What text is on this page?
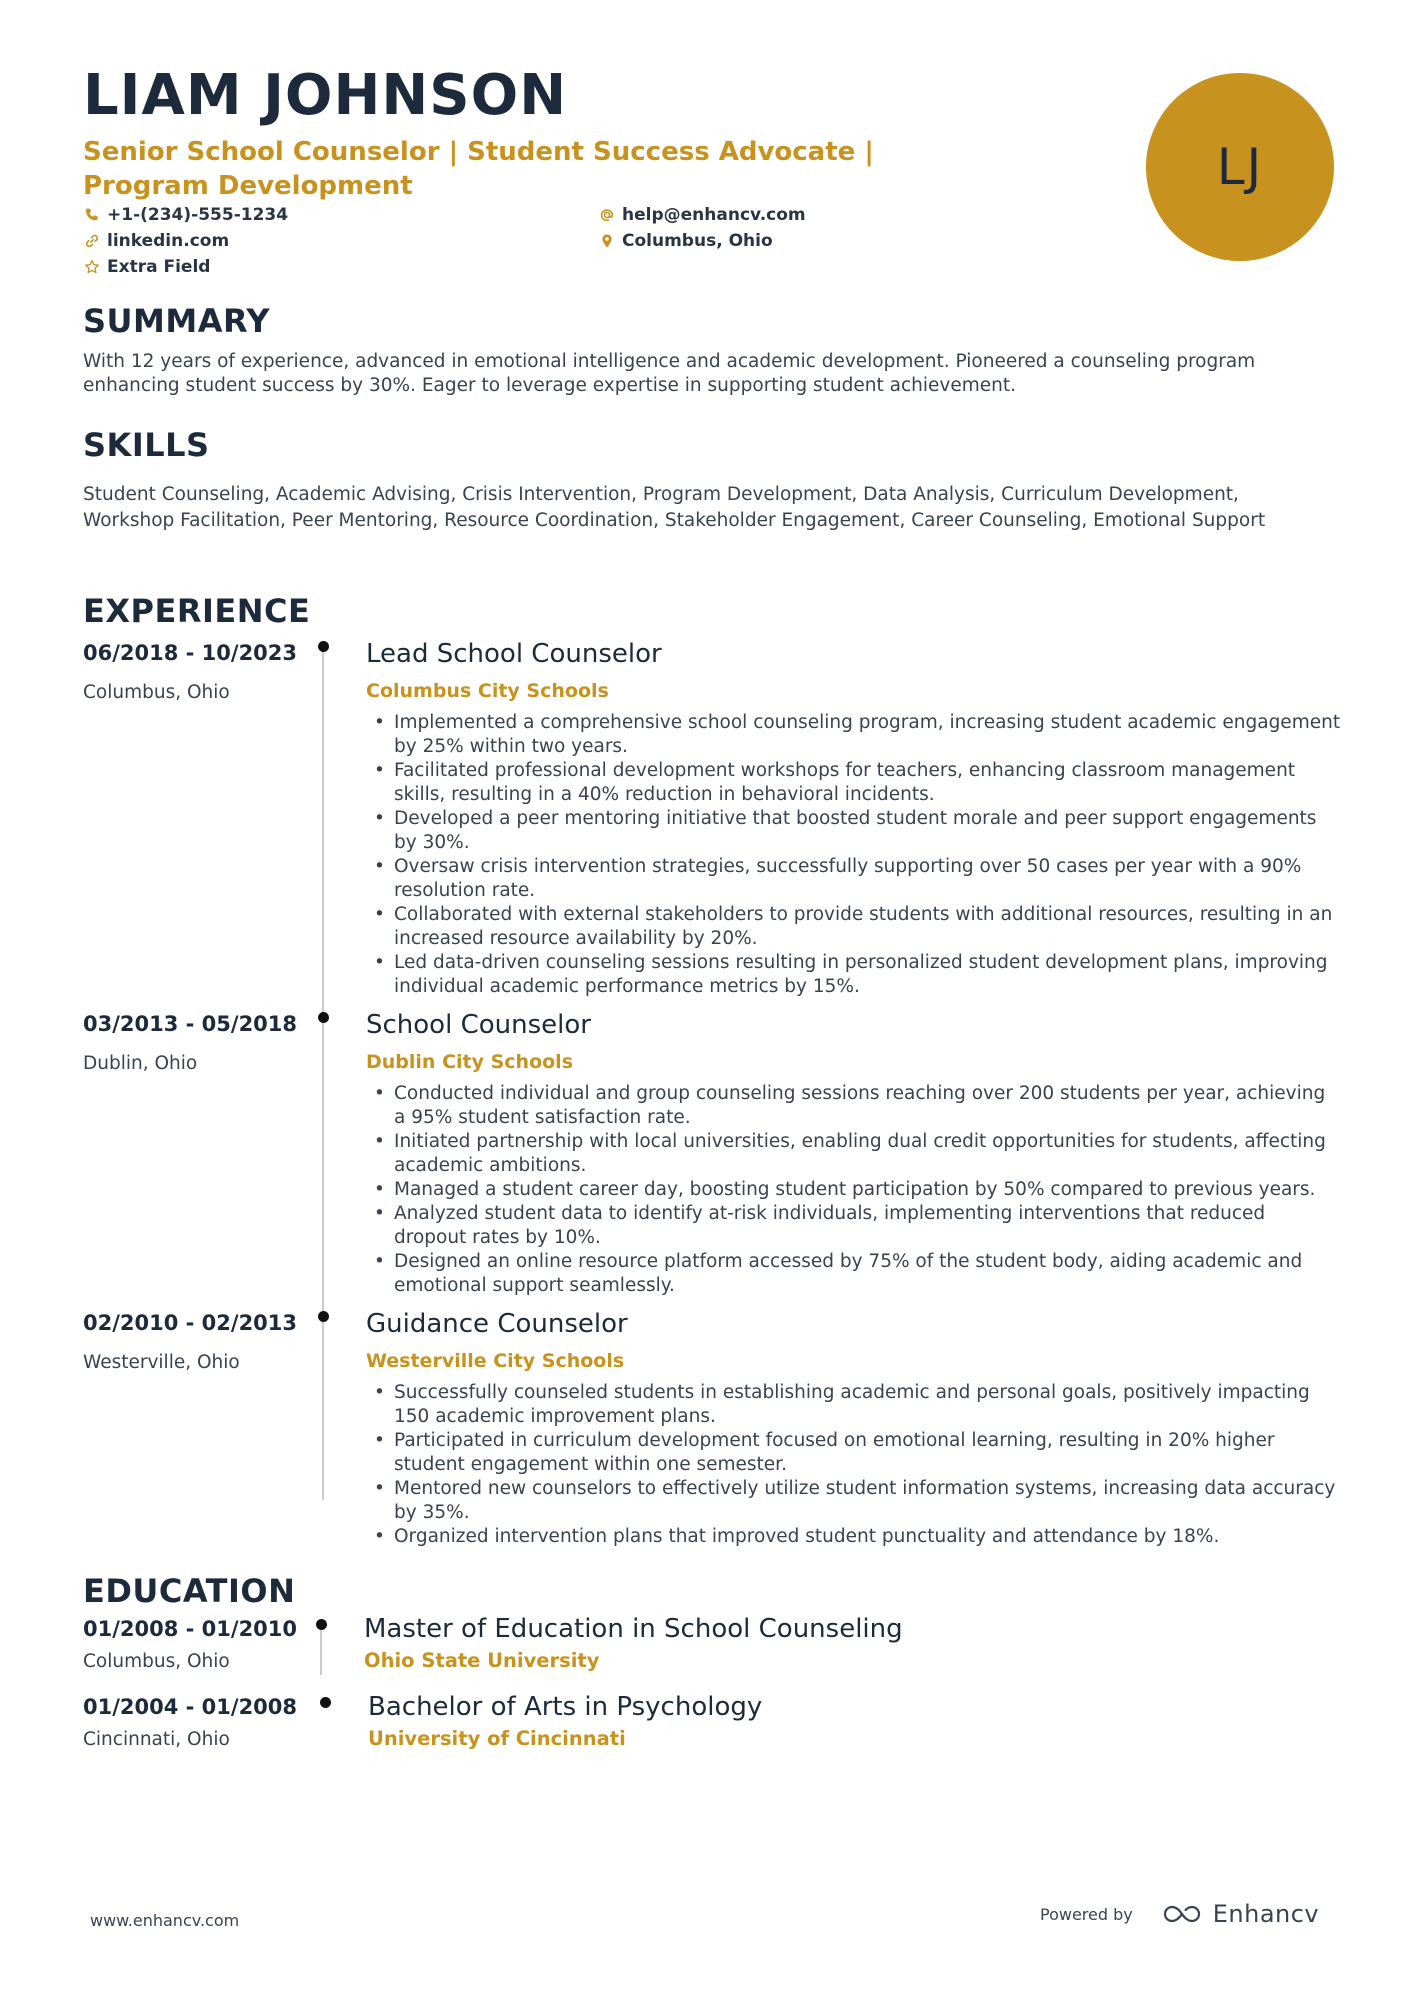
LIAM JOHNSON
Senior School Counselor | Student Success Advocate | Program Development	LJ
+1-(234)-555-1234	help@enhancv.com
linkedin.com	Columbus, Ohio
Extra Field
SUMMARY
With 12 years of experience, advanced in emotional intelligence and academic development. Pioneered a counseling program enhancing student success by 30%. Eager to leverage expertise in supporting student achievement.
SKILLS
Student Counseling, Academic Advising, Crisis Intervention, Program Development, Data Analysis, Curriculum Development, Workshop Facilitation, Peer Mentoring, Resource Coordination, Stakeholder Engagement, Career Counseling, Emotional Support
EXPERIENCE
06/2018 - 10/2023
Columbus, Ohio
Lead School Counselor
Columbus City Schools
• Implemented a comprehensive school counseling program, increasing student academic engagement by 25% within two years.
• Facilitated professional development workshops for teachers, enhancing classroom management skills, resulting in a 40% reduction in behavioral incidents.
• Developed a peer mentoring initiative that boosted student morale and peer support engagements by 30%.
• Oversaw crisis intervention strategies, successfully supporting over 50 cases per year with a 90% resolution rate.
• Collaborated with external stakeholders to provide students with additional resources, resulting in an increased resource availability by 20%.
• Led data-driven counseling sessions resulting in personalized student development plans, improving individual academic performance metrics by 15%.
03/2013 - 05/2018
Dublin, Ohio
School Counselor
Dublin City Schools
• Conducted individual and group counseling sessions reaching over 200 students per year, achieving a 95% student satisfaction rate.
• Initiated partnership with local universities, enabling dual credit opportunities for students, affecting academic ambitions.
• Managed a student career day, boosting student participation by 50% compared to previous years.
• Analyzed student data to identify at-risk individuals, implementing interventions that reduced dropout rates by 10%.
• Designed an online resource platform accessed by 75% of the student body, aiding academic and emotional support seamlessly.
02/2010 - 02/2013
Westerville, Ohio
Guidance Counselor
Westerville City Schools
• Successfully counseled students in establishing academic and personal goals, positively impacting 150 academic improvement plans.
• Participated in curriculum development focused on emotional learning, resulting in 20% higher student engagement within one semester.
• Mentored new counselors to effectively utilize student information systems, increasing data accuracy by 35%.
• Organized intervention plans that improved student punctuality and attendance by 18%.
EDUCATION
01/2008 - 01/2010
Columbus, Ohio
Master of Education in School Counseling
Ohio State University
01/2004 - 01/2008
Cincinnati, Ohio
Bachelor of Arts in Psychology
University of Cincinnati
www.enhancv.com	Powered by	Enhancv
